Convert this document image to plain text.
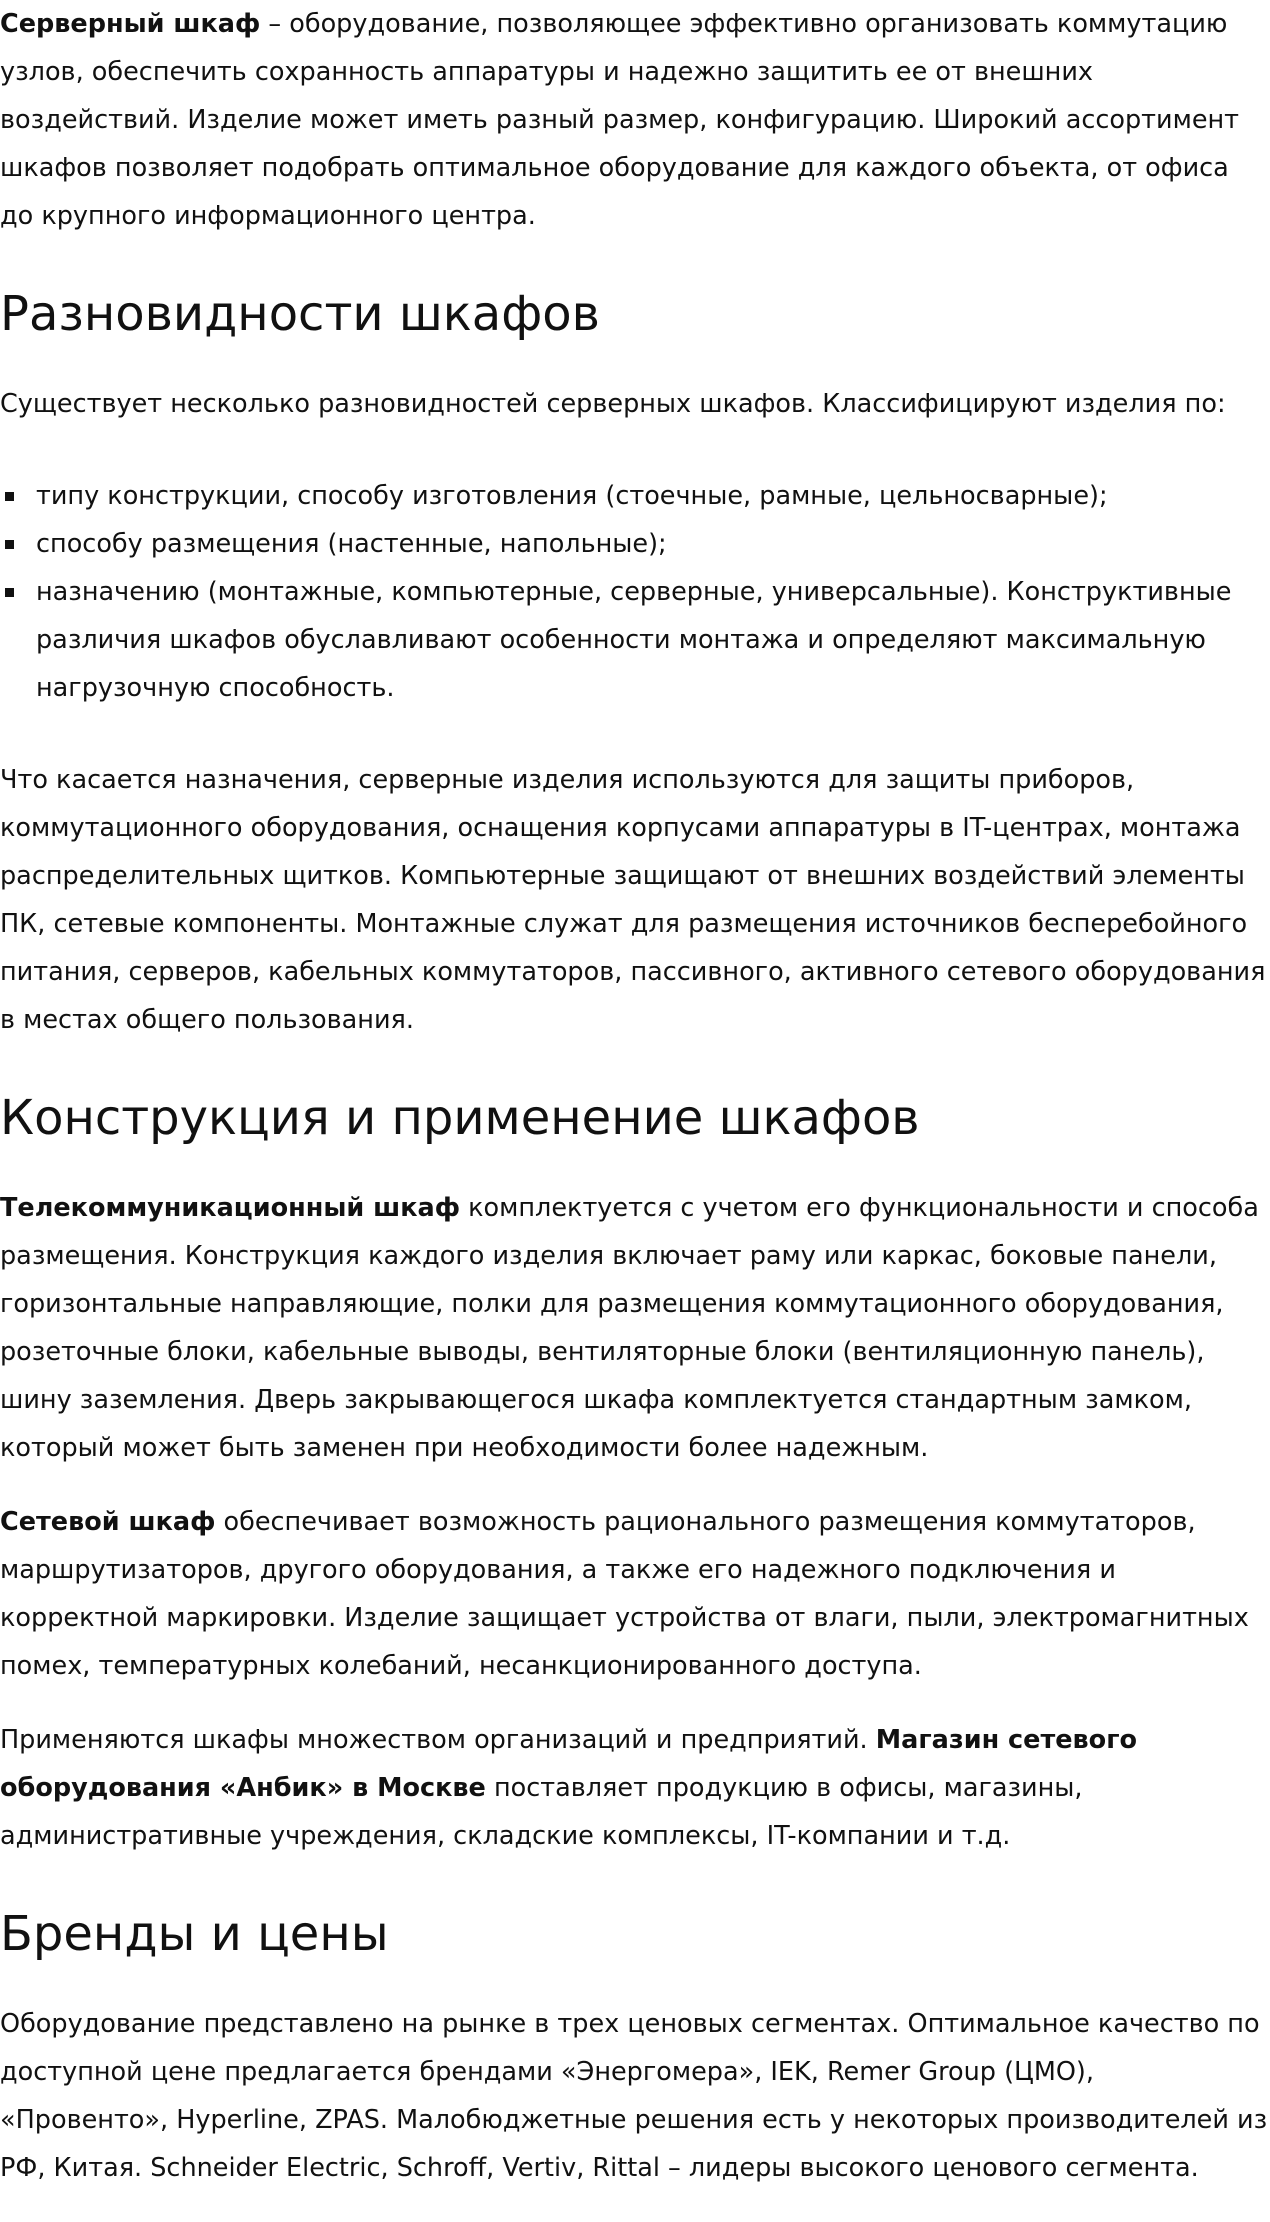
Серверный шкаф – оборудование, позволяющее эффективно организовать коммутацию узлов, обеспечить сохранность аппаратуры и надежно защитить ее от внешних воздействий. Изделие может иметь разный размер, конфигурацию. Широкий ассортимент шкафов позволяет подобрать оптимальное оборудование для каждого объекта, от офиса до крупного информационного центра.

Разновидности шкафов

Существует несколько разновидностей серверных шкафов. Классифицируют изделия по:

типу конструкции, способу изготовления (стоечные, рамные, цельносварные);
способу размещения (настенные, напольные);
назначению (монтажные, компьютерные, серверные, универсальные). Конструктивные различия шкафов обуславливают особенности монтажа и определяют максимальную нагрузочную способность.

Что касается назначения, серверные изделия используются для защиты приборов, коммутационного оборудования, оснащения корпусами аппаратуры в IT-центрах, монтажа распределительных щитков. Компьютерные защищают от внешних воздействий элементы ПК, сетевые компоненты. Монтажные служат для размещения источников бесперебойного питания, серверов, кабельных коммутаторов, пассивного, активного сетевого оборудования в местах общего пользования.

Конструкция и применение шкафов

Телекоммуникационный шкаф комплектуется с учетом его функциональности и способа размещения. Конструкция каждого изделия включает раму или каркас, боковые панели, горизонтальные направляющие, полки для размещения коммутационного оборудования, розеточные блоки, кабельные выводы, вентиляторные блоки (вентиляционную панель), шину заземления. Дверь закрывающегося шкафа комплектуется стандартным замком, который может быть заменен при необходимости более надежным.

Сетевой шкаф обеспечивает возможность рационального размещения коммутаторов, маршрутизаторов, другого оборудования, а также его надежного подключения и корректной маркировки. Изделие защищает устройства от влаги, пыли, электромагнитных помех, температурных колебаний, несанкционированного доступа.

Применяются шкафы множеством организаций и предприятий. Магазин сетевого оборудования «Анбик» в Москве поставляет продукцию в офисы, магазины, административные учреждения, складские комплексы, IT-компании и т.д.

Бренды и цены

Оборудование представлено на рынке в трех ценовых сегментах. Оптимальное качество по доступной цене предлагается брендами «Энергомера», IEK, Remer Group (ЦМО), «Провенто», Hyperline, ZPAS. Малобюджетные решения есть у некоторых производителей из РФ, Китая. Schneider Electric, Schroff, Vertiv, Rittal – лидеры высокого ценового сегмента.
